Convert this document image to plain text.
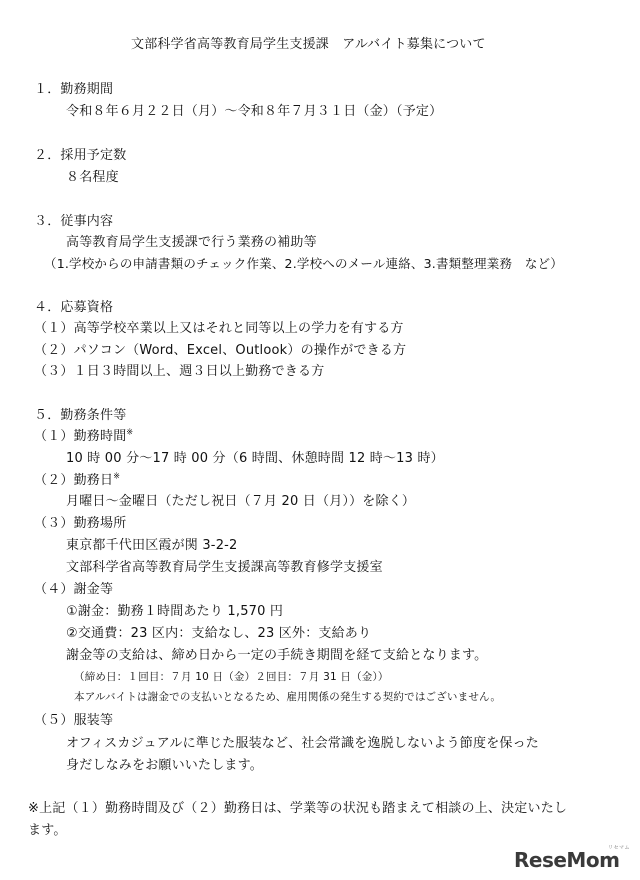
文部科学省高等教育局学生支援課　アルバイト募集について
１．勤務期間
令和８年６月２２日（月）～令和８年７月３１日（金）（予定）
２．採用予定数
８名程度
３．従事内容
高等教育局学生支援課で行う業務の補助等
（1.学校からの申請書類のチェック作業、2.学校へのメール連絡、3.書類整理業務　など）
４．応募資格
（１）高等学校卒業以上又はそれと同等以上の学力を有する方
（２）パソコン（Word、Excel、Outlook）の操作ができる方
（３）１日３時間以上、週３日以上勤務できる方
５．勤務条件等
（１）勤務時間※
10 時 00 分～17 時 00 分（6 時間、休憩時間 12 時～13 時）
（２）勤務日※
月曜日～金曜日（ただし祝日（７月 20 日（月））を除く）
（３）勤務場所
東京都千代田区霞が関 3-2-2
文部科学省高等教育局学生支援課高等教育修学支援室
（４）謝金等
①謝金：勤務１時間あたり 1,570 円
②交通費：23 区内：支給なし、23 区外：支給あり
謝金等の支給は、締め日から一定の手続き期間を経て支給となります。
（締め日：１回目：７月 10 日（金）２回目：７月 31 日（金））
本アルバイトは謝金での支払いとなるため、雇用関係の発生する契約ではございません。
（５）服装等
オフィスカジュアルに準じた服装など、社会常識を逸脱しないよう節度を保った
身だしなみをお願いいたします。
※上記（１）勤務時間及び（２）勤務日は、学業等の状況も踏まえて相談の上、決定いたし
ます。
リセマム
ReseMom
